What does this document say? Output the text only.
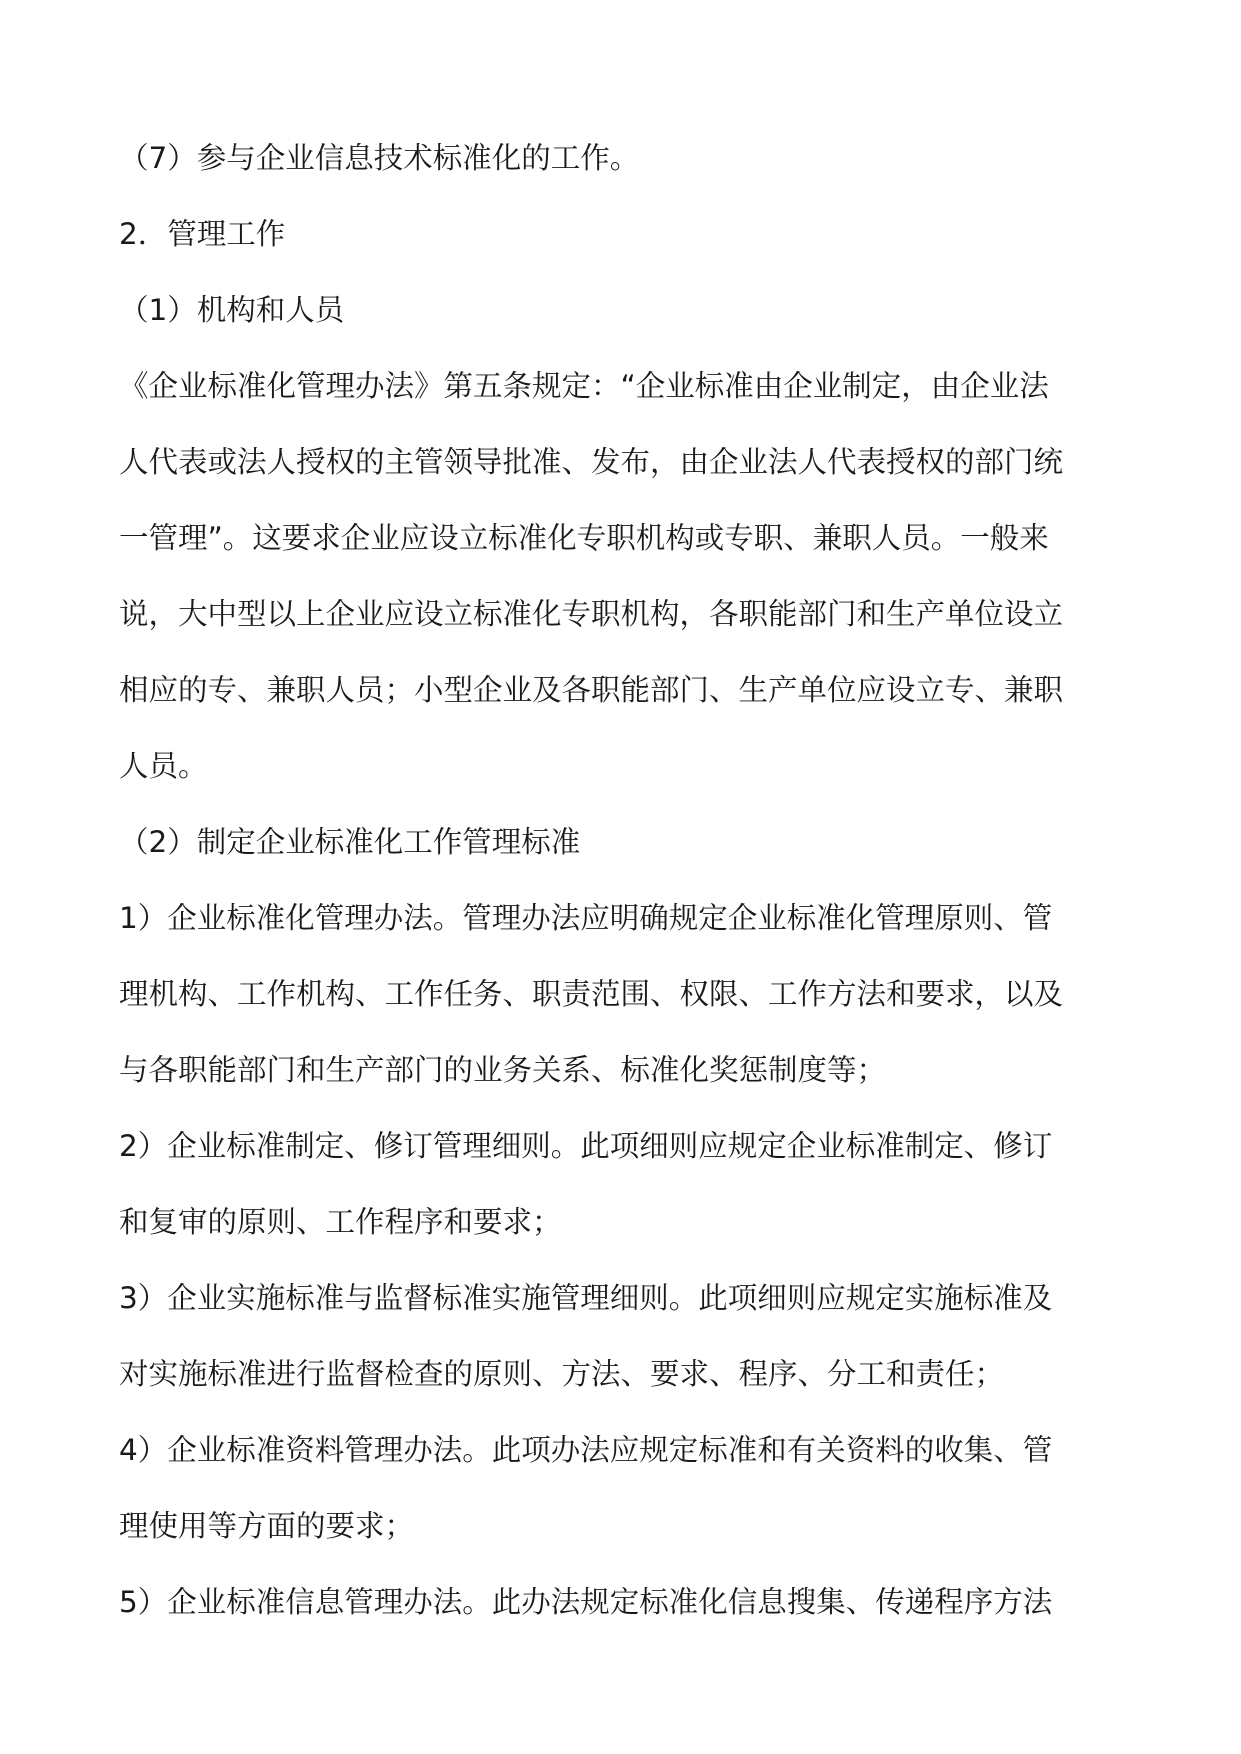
（7）参与企业信息技术标准化的工作。
2．管理工作
（1）机构和人员
《企业标准化管理办法》第五条规定：“企业标准由企业制定，由企业法
人代表或法人授权的主管领导批准、发布，由企业法人代表授权的部门统
一管理”。这要求企业应设立标准化专职机构或专职、兼职人员。一般来
说，大中型以上企业应设立标准化专职机构，各职能部门和生产单位设立
相应的专、兼职人员；小型企业及各职能部门、生产单位应设立专、兼职
人员。
（2）制定企业标准化工作管理标准
1）企业标准化管理办法。管理办法应明确规定企业标准化管理原则、管
理机构、工作机构、工作任务、职责范围、权限、工作方法和要求，以及
与各职能部门和生产部门的业务关系、标准化奖惩制度等；
2）企业标准制定、修订管理细则。此项细则应规定企业标准制定、修订
和复审的原则、工作程序和要求；
3）企业实施标准与监督标准实施管理细则。此项细则应规定实施标准及
对实施标准进行监督检查的原则、方法、要求、程序、分工和责任；
4）企业标准资料管理办法。此项办法应规定标准和有关资料的收集、管
理使用等方面的要求；
5）企业标准信息管理办法。此办法规定标准化信息搜集、传递程序方法
